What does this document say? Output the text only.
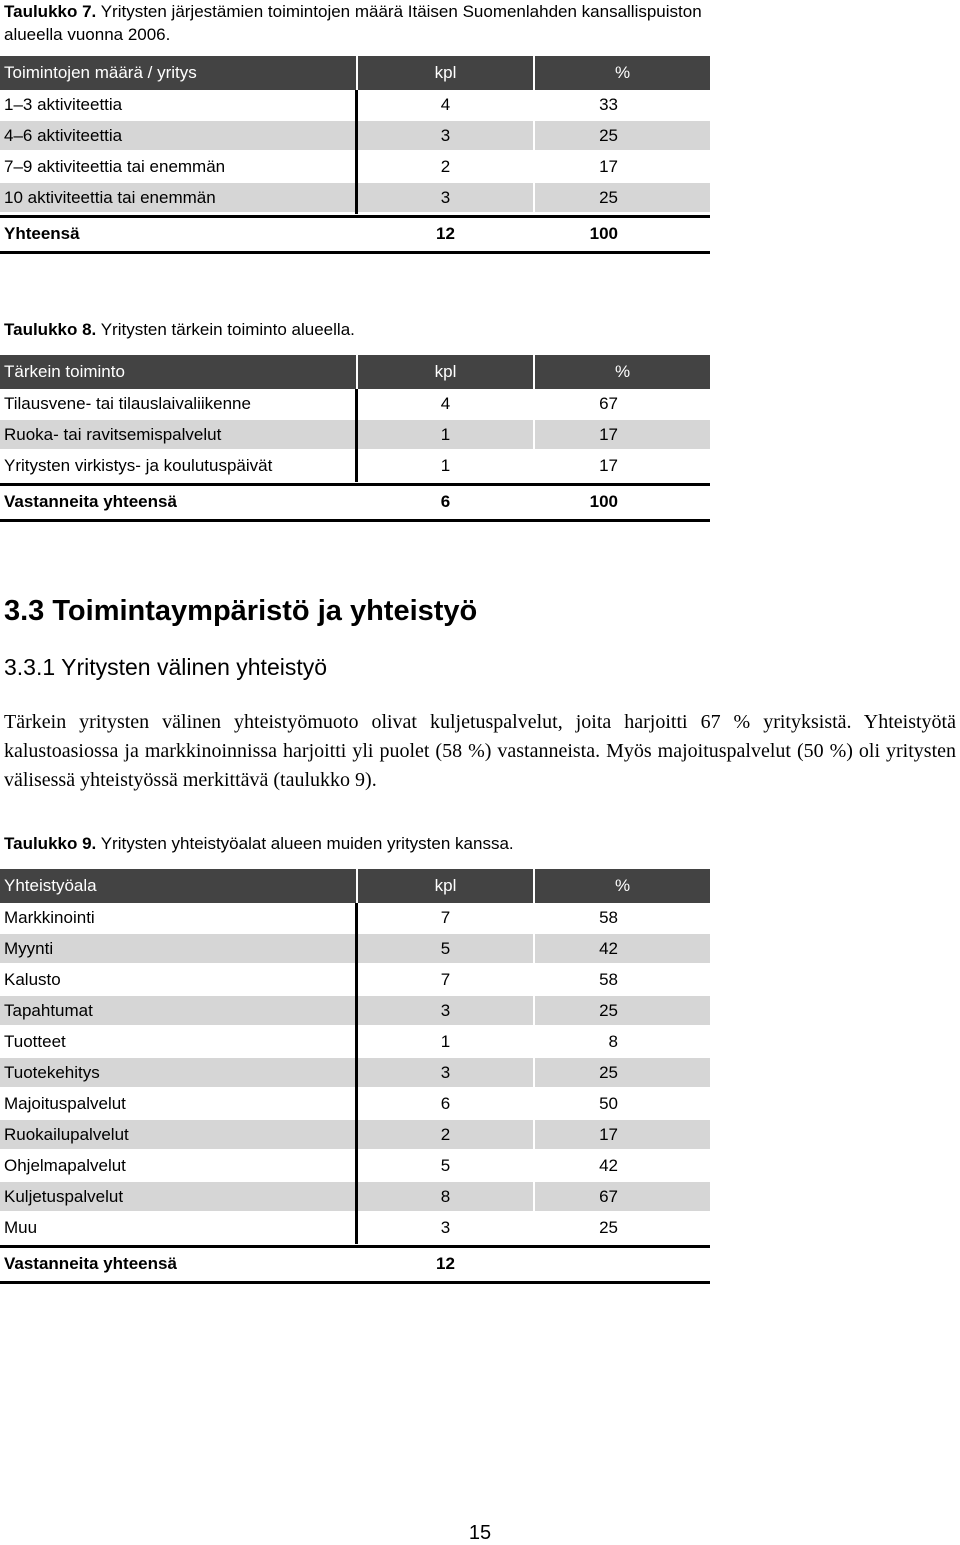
Taulukko 7. Yritysten järjestämien toimintojen määrä Itäisen Suomenlahden kansallispuiston alueella vuonna 2006.
Toimintojen määrä / yritys	kpl	%
1–3 aktiviteettia	4	33
4–6 aktiviteettia	3	25
7–9 aktiviteettia tai enemmän	2	17
10 aktiviteettia tai enemmän	3	25
Yhteensä	12	100
Taulukko 8. Yritysten tärkein toiminto alueella.
Tärkein toiminto	kpl	%
Tilausvene- tai tilauslaivaliikenne	4	67
Ruoka- tai ravitsemispalvelut	1	17
Yritysten virkistys- ja koulutuspäivät	1	17
Vastanneita yhteensä	6	100
3.3 Toimintaympäristö ja yhteistyö
3.3.1 Yritysten välinen yhteistyö
Tärkein yritysten välinen yhteistyömuoto olivat kuljetuspalvelut, joita harjoitti 67 % yrityksistä. Yhteistyötä kalustoasiossa ja markkinoinnissa harjoitti yli puolet (58 %) vastanneista. Myös majoituspalvelut (50 %) oli yritysten välisessä yhteistyössä merkittävä (taulukko 9).
Taulukko 9. Yritysten yhteistyöalat alueen muiden yritysten kanssa.
Yhteistyöala	kpl	%
Markkinointi	7	58
Myynti	5	42
Kalusto	7	58
Tapahtumat	3	25
Tuotteet	1	8
Tuotekehitys	3	25
Majoituspalvelut	6	50
Ruokailupalvelut	2	17
Ohjelmapalvelut	5	42
Kuljetuspalvelut	8	67
Muu	3	25
Vastanneita yhteensä	12
15
